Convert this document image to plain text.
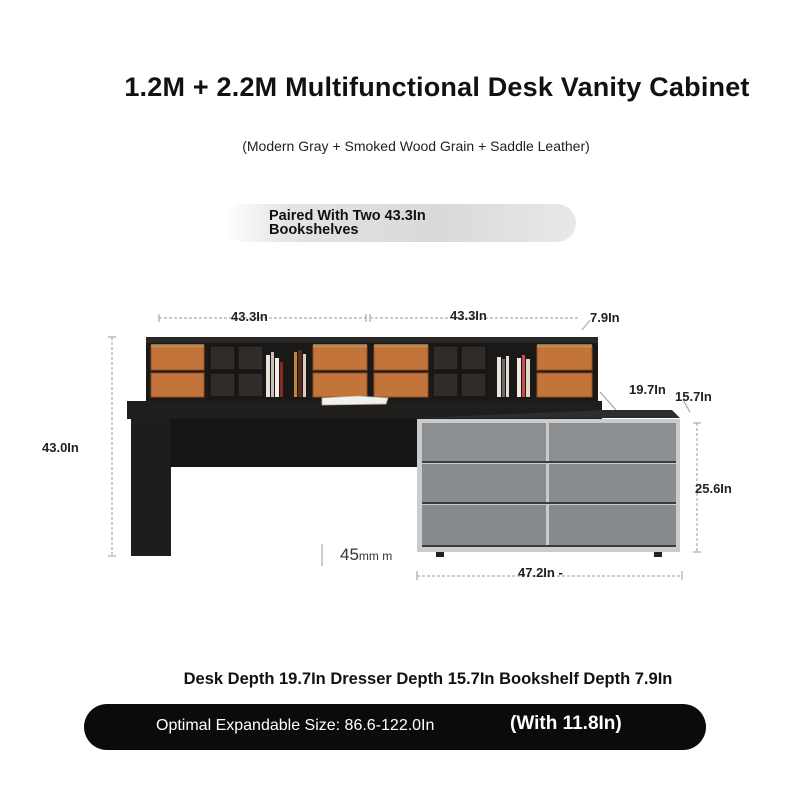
1.2M + 2.2M Multifunctional Desk Vanity Cabinet
(Modern Gray + Smoked Wood Grain + Saddle Leather)
Paired With Two 43.3In
Bookshelves
43.3In	43.3In	7.9In
19.7In 15.7In
43.0In
25.6In
45mm m
47.2In -
Desk Depth 19.7In Dresser Depth 15.7In Bookshelf Depth 7.9In
Optimal Expandable Size: 86.6-122.0In	(With 11.8In)
